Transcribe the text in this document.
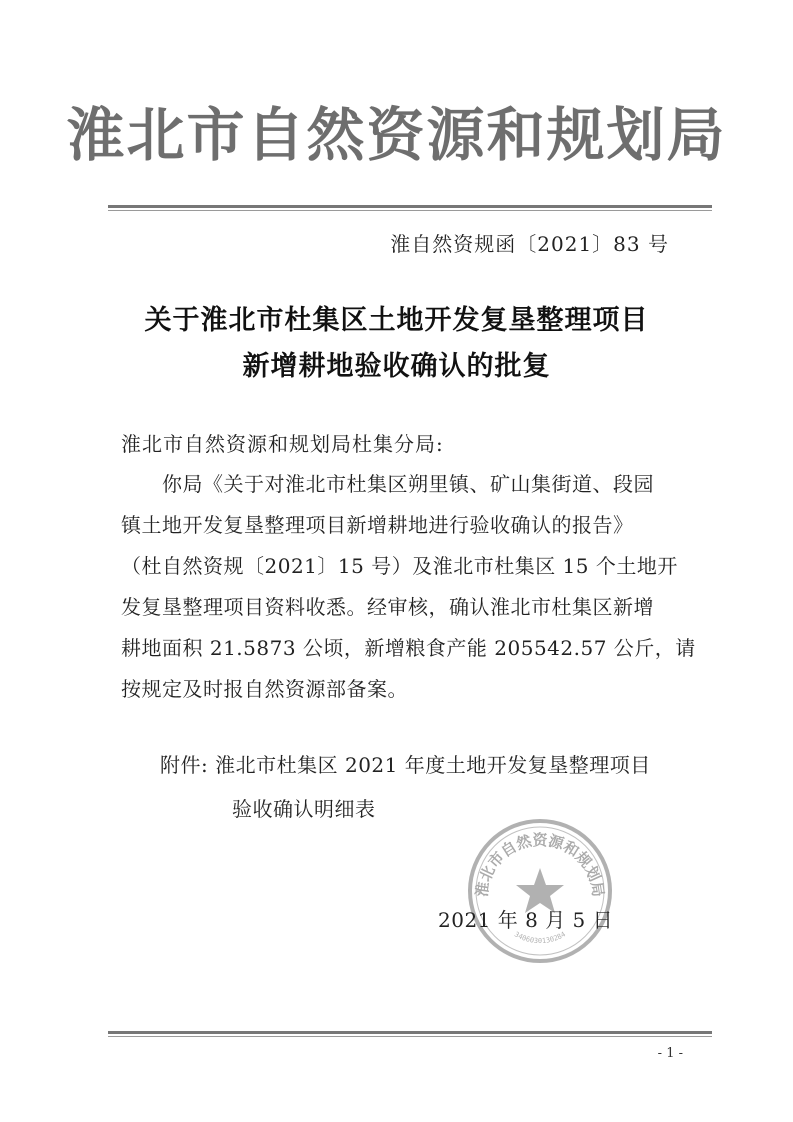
淮北市自然资源和规划局
淮自然资规函〔2021〕83 号
关于淮北市杜集区土地开发复垦整理项目
新增耕地验收确认的批复
淮北市自然资源和规划局杜集分局:
你局《关于对淮北市杜集区朔里镇、矿山集街道、段园
镇土地开发复垦整理项目新增耕地进行验收确认的报告》
（杜自然资规〔2021〕15 号）及淮北市杜集区 15 个土地开
发复垦整理项目资料收悉。经审核，确认淮北市杜集区新增
耕地面积 21.5873 公顷，新增粮食产能 205542.57 公斤，请
按规定及时报自然资源部备案。
附件: 淮北市杜集区 2021 年度土地开发复垦整理项目
验收确认明细表
淮北市自然资源和规划局
3406030130284
2021 年 8 月 5 日
- 1 -
